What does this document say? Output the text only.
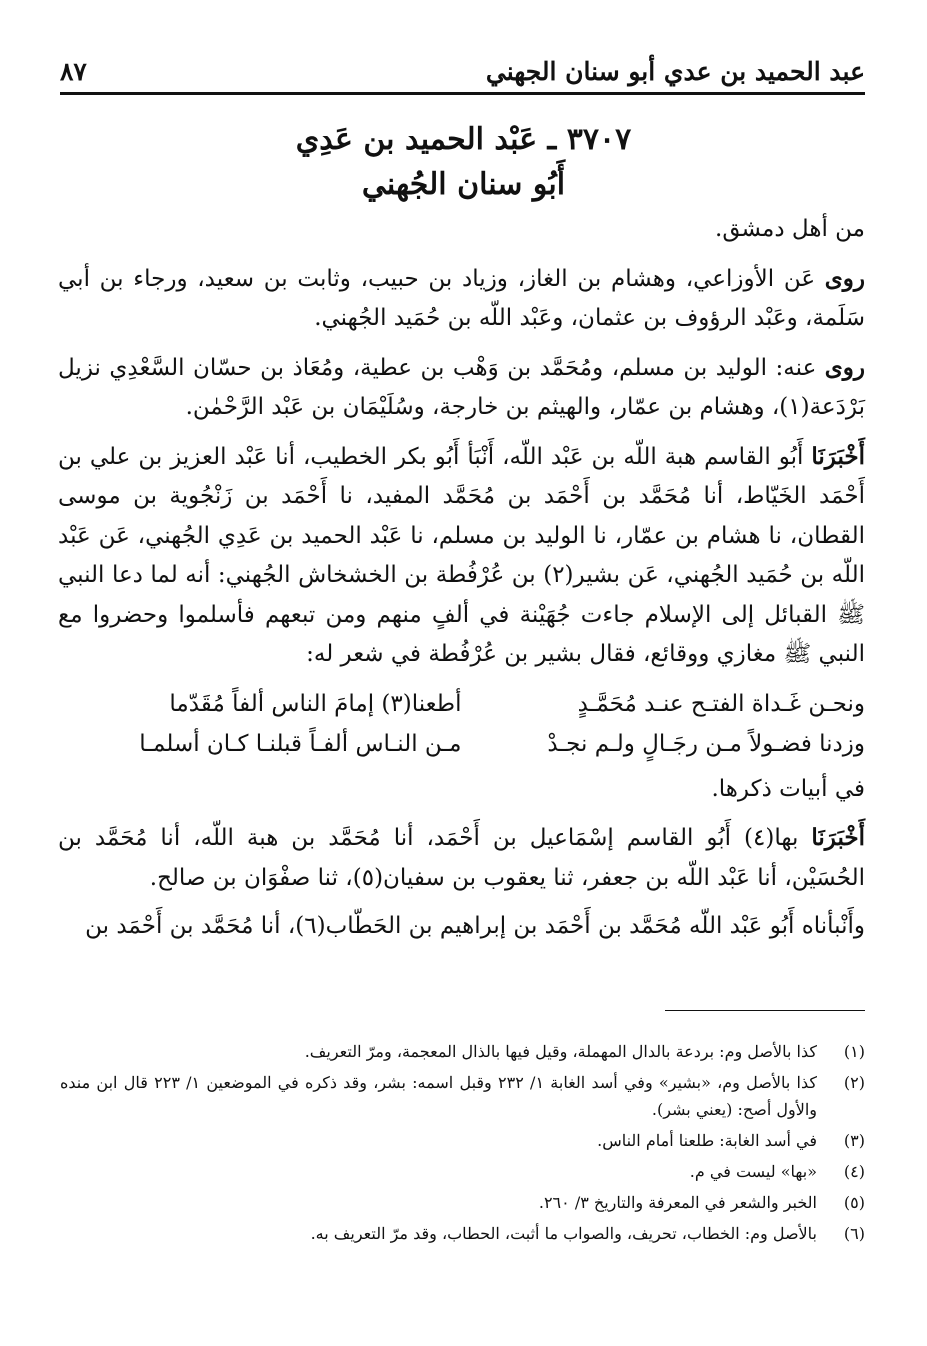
عبد الحميد بن عدي أبو سنان الجهني
٨٧
٣٧٠٧ ـ عَبْد الحميد بن عَدِي
أَبُو سنان الجُهني

من أهل دمشق.

روى عَن الأوزاعي، وهشام بن الغاز، وزياد بن حبيب، وثابت بن سعيد، ورجاء بن أبي سَلَمة، وعَبْد الرؤوف بن عثمان، وعَبْد اللّه بن حُمَيد الجُهني.

روى عنه: الوليد بن مسلم، ومُحَمَّد بن وَهْب بن عطية، ومُعَاذ بن حسّان السَّعْدِي نزيل بَرْدَعة(١)، وهشام بن عمّار، والهيثم بن خارجة، وسُلَيْمَان بن عَبْد الرَّحْمٰن.

أَخْبَرَنَا أَبُو القاسم هبة اللّه بن عَبْد اللّه، أَنْبَأ أَبُو بكر الخطيب، أنا عَبْد العزيز بن علي بن أَحْمَد الخَيّاط، أنا مُحَمَّد بن أَحْمَد بن مُحَمَّد المفيد، نا أَحْمَد بن زَنْجُوية بن موسى القطان، نا هشام بن عمّار، نا الوليد بن مسلم، نا عَبْد الحميد بن عَدِي الجُهني، عَن عَبْد اللّه بن حُمَيد الجُهني، عَن بشير(٢) بن عُرْفُطة بن الخشخاش الجُهني: أنه لما دعا النبي ﷺ القبائل إلى الإسلام جاءت جُهَيْنة في ألفٍ منهم ومن تبعهم فأسلموا وحضروا مع النبي ﷺ مغازي ووقائع، فقال بشير بن عُرْفُطة في شعر له:

ونحـن غَـداة الفتـح عنـد مُحَمَّـدٍ
أطعنا(٣) إمامَ الناس ألفاً مُقَدّما
وزدنا فضـولاً مـن رجَـالٍ ولـم نجـدْ
مـن النـاس ألفـاً قبلنـا كـان أسلمـا

في أبيات ذكرها.

أَخْبَرَنَا بها(٤) أَبُو القاسم إسْمَاعيل بن أَحْمَد، أنا مُحَمَّد بن هبة اللّه، أنا مُحَمَّد بن الحُسَيْن، أنا عَبْد اللّه بن جعفر، ثنا يعقوب بن سفيان(٥)، ثنا صفْوَان بن صالح.

وأَنْبأناه أَبُو عَبْد اللّه مُحَمَّد بن أَحْمَد بن إبراهيم بن الحَطّاب(٦)، أنا مُحَمَّد بن أَحْمَد بن

(١)
كذا بالأصل وم: بردعة بالدال المهملة، وقيل فيها بالذال المعجمة، ومرّ التعريف.
(٢)
كذا بالأصل وم، «بشير» وفي أسد الغابة ١/ ٢٣٢ وقبل اسمه: بشر، وقد ذكره في الموضعين ١/ ٢٢٣ قال ابن منده والأول أصح: (يعني بشر).
(٣)
في أسد الغابة: طلعنا أمام الناس.
(٤)
«بها» ليست في م.
(٥)
الخبر والشعر في المعرفة والتاريخ ٣/ ٢٦٠.
(٦)
بالأصل وم: الخطاب، تحريف، والصواب ما أثبت، الحطاب، وقد مرّ التعريف به.
